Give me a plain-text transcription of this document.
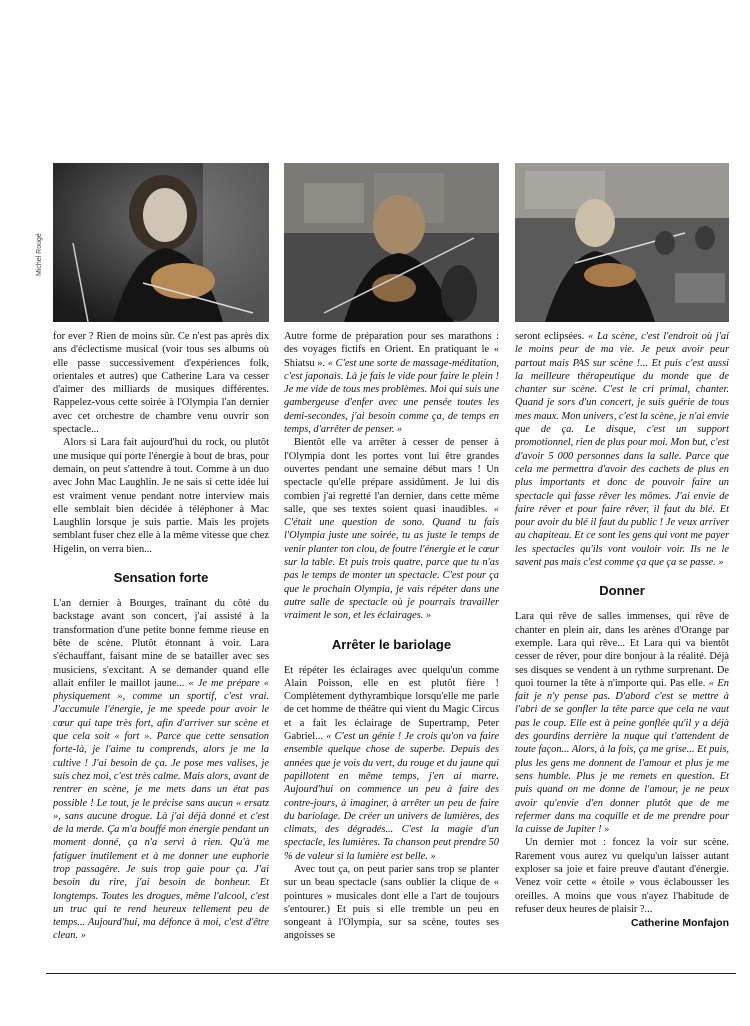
Michel Rougé

for ever ? Rien de moins sûr. Ce n'est pas après dix ans d'éclectisme musical (voir tous ses albums où elle passe successivement d'expériences folk, orientales et autres) que Catherine Lara va cesser d'aimer des milliards de musiques différentes. Rappelez-vous cette soirée à l'Olympia l'an dernier avec cet orchestre de chambre venu ouvrir son spectacle...

Alors si Lara fait aujourd'hui du rock, ou plutôt une musique qui porte l'énergie à bout de bras, pour demain, on peut s'attendre à tout. Comme à un duo avec John Mac Laughlin. Je ne sais si cette idée lui est vraiment venue pendant notre interview mais elle semblait bien décidée à téléphoner à Mac Laughlin lorsque je suis partie. Mais les projets semblant fuser chez elle à la même vitesse que chez Higelin, on verra bien...

Sensation forte

L'an dernier à Bourges, traînant du côté du backstage avant son concert, j'ai assisté à la transformation d'une petite bonne femme rieuse en bête de scène. Plutôt étonnant à voir. Lara s'échauffant, faisant mine de se batailler avec ses musiciens, s'excitant. A se demander quand elle allait enfiler le maillot jaune... « Je me prépare « physiquement », comme un sportif, c'est vrai. J'accumule l'énergie, je me speede pour avoir le cœur qui tape très fort, afin d'arriver sur scène et que cela soit « fort ». Parce que cette sensation forte-là, je l'aime tu comprends, alors je me la cultive ! J'ai besoin de ça. Je pose mes valises, je suis chez moi, c'est très calme. Mais alors, avant de rentrer en scène, je me mets dans un état pas possible ! Le tout, je le précise sans aucun « ersatz », sans aucune drogue. Là j'ai déjà donné et c'est de la merde. Ça m'a bouffé mon énergie pendant un moment donné, ça n'a servi à rien. Qu'à me fatiguer inutilement et à me donner une euphorie trop passagère. Je suis trop gaie pour ça. J'ai besoin du rire, j'ai besoin de bonheur. Et longtemps. Toutes les drogues, même l'alcool, c'est un truc qui te rend heureux tellement peu de temps... Aujourd'hui, ma défonce à moi, c'est d'être clean. »

Autre forme de préparation pour ses marathons : des voyages fictifs en Orient. En pratiquant le « Shiatsu ». « C'est une sorte de massage-méditation, c'est japonais. Là je fais le vide pour faire le plein ! Je me vide de tous mes problèmes. Moi qui suis une gambergeuse d'enfer avec une pensée toutes les demi-secondes, j'ai besoin comme ça, de temps en temps, d'arrêter de penser. »

Bientôt elle va arrêter à cesser de penser à l'Olympia dont les portes vont lui être grandes ouvertes pendant une semaine début mars ! Un spectacle qu'elle prépare assidûment. Je lui dis combien j'ai regretté l'an dernier, dans cette même salle, que ses textes soient quasi inaudibles. « C'était une question de sono. Quand tu fais l'Olympia juste une soirée, tu as juste le temps de venir planter ton clou, de foutre l'énergie et le cœur sur la table. Et puis trois quatre, parce que tu n'as pas le temps de monter un spectacle. C'est pour ça que le prochain Olympia, je vais répéter dans une autre salle de spectacle où je pourrais travailler vraiment le son, et les éclairages. »

Arrêter le bariolage

Et répéter les éclairages avec quelqu'un comme Alain Poisson, elle en est plutôt fière ! Complètement dythyrambique lorsqu'elle me parle de cet homme de théâtre qui vient du Magic Circus et a fait les éclairage de Supertramp, Peter Gabriel... « C'est un génie ! Je crois qu'on va faire ensemble quelque chose de superbe. Depuis des années que je vois du vert, du rouge et du jaune qui papillotent en même temps, j'en ai marre. Aujourd'hui on commence un peu à faire des contre-jours, à imaginer, à arrêter un peu de faire du bariolage. De créer un univers de lumières, des climats, des dégradés... C'est la magie d'un spectacle, les lumières. Ta chanson peut prendre 50 % de valeur si la lumière est belle. »

Avec tout ça, on peut parier sans trop se planter sur un beau spectacle (sans oublier la clique de « pointures » musicales dont elle a l'art de toujours s'entourer.) Et puis si elle tremble un peu en songeant à l'Olympia, sur sa scène, toutes ses angoisses se

seront eclipsées. « La scène, c'est l'endroit où j'ai le moins peur de ma vie. Je peux avoir peur partout mais PAS sur scène !... Et puis c'est aussi la meilleure thérapeutique du monde que de chanter sur scène. C'est le cri primal, chanter. Quand je sors d'un concert, je suis guérie de tous mes maux. Mon univers, c'est la scène, je n'ai envie que de ça. Le disque, c'est un support promotionnel, rien de plus pour moi. Mon but, c'est d'avoir 5 000 personnes dans la salle. Parce que cela me permettra d'avoir des cachets de plus en plus importants et donc de pouvoir faire un spectacle qui fasse rêver les mômes. J'ai envie de faire rêver et pour faire rêver, il faut du blé. Et pour avoir du blé il faut du public ! Je veux arriver au chapiteau. Et ce sont les gens qui vont me payer les spectacles qu'ils vont vouloir voir. Ils ne le savent pas mais c'est comme ça que ça se passe. »

Donner

Lara qui rêve de salles immenses, qui rêve de chanter en plein air, dans les arènes d'Orange par exemple. Lara qui rêve... Et Lara qui va bientôt cesser de rêver, pour dire bonjour à la réalité. Déjà ses disques se vendent à un rythme surprenant. De quoi tourner la tête à n'importe qui. Pas elle. « En fait je n'y pense pas. D'abord c'est se mettre à l'abri de se gonfler la tête parce que cela ne vaut pas le coup. Elle est à peine gonflée qu'il y a déjà des gourdins derrière la nuque qui t'attendent de toute façon... Alors, à la fois, ça me grise... Et puis, plus les gens me donnent de l'amour et plus je me sens humble. Plus je me remets en question. Et puis quand on me donne de l'amour, je ne peux avoir qu'envie d'en donner plutôt que de me refermer dans ma coquille et de me prendre pour la cuisse de Jupiter ! »

Un dernier mot : foncez la voir sur scène. Rarement vous aurez vu quelqu'un laisser autant exploser sa joie et faire preuve d'autant d'énergie. Venez voir cette « étoile » vous éclabousser les oreilles. A moins que vous n'ayez l'habitude de refuser deux heures de plaisir ?...

Catherine Monfajon
